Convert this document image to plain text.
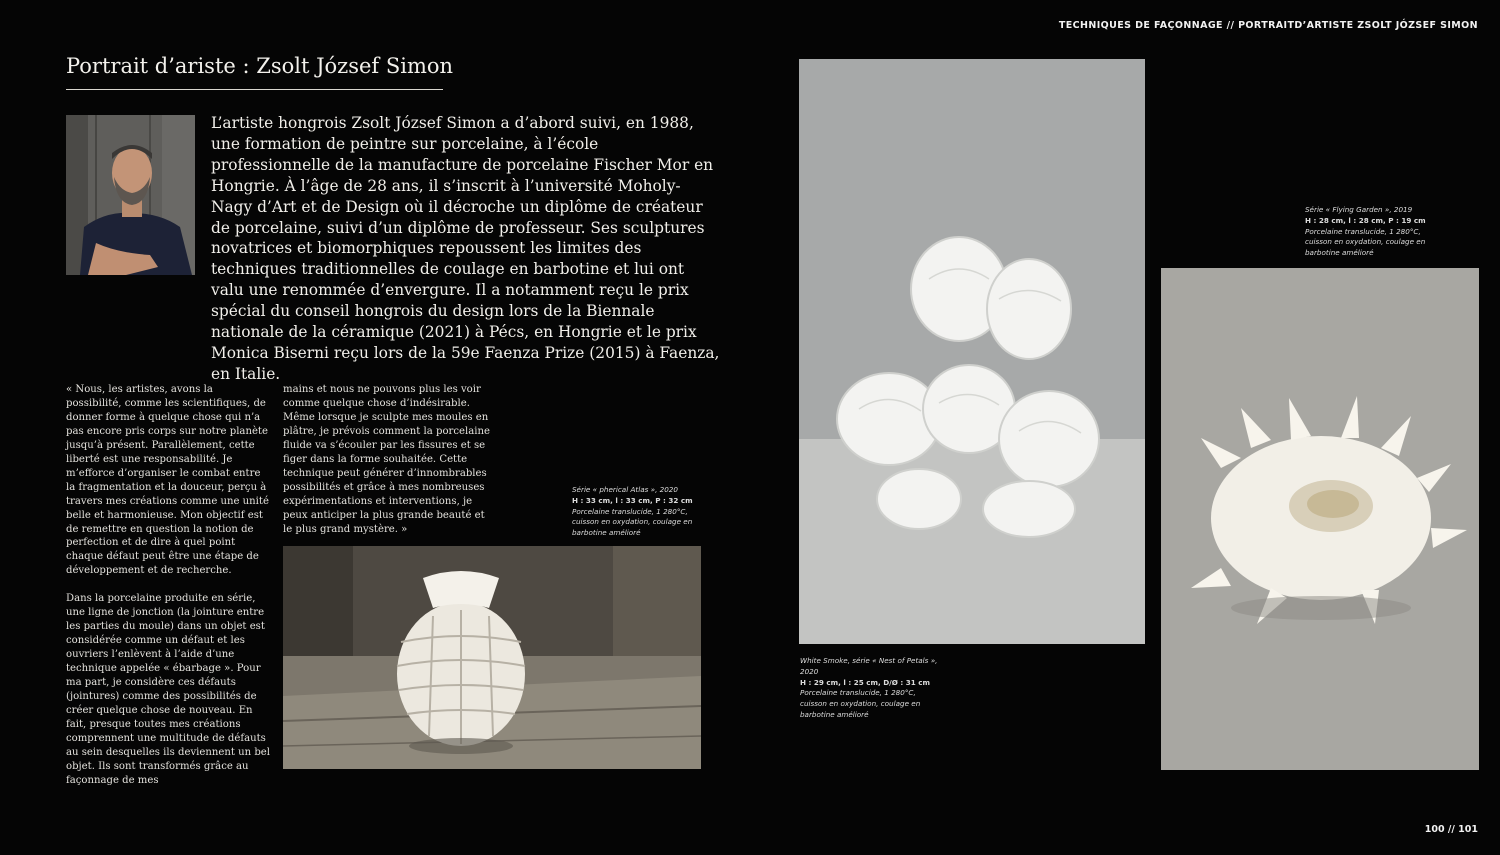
TECHNIQUES DE FAÇONNAGE // PORTRAITD’ARTISTE ZSOLT JÓZSEF SIMON
Portrait d’ariste : Zsolt József Simon

L’artiste hongrois Zsolt József Simon a d’abord suivi, en 1988, une formation de peintre sur porcelaine, à l’école professionnelle de la manufacture de porcelaine Fischer Mor en Hongrie. À l’âge de 28 ans, il s’inscrit à l’université Moholy-Nagy d’Art et de Design où il décroche un diplôme de créateur de porcelaine, suivi d’un diplôme de professeur. Ses sculptures novatrices et biomorphiques repoussent les limites des techniques traditionnelles de coulage en barbotine et lui ont valu une renommée d’envergure. Il a notamment reçu le prix spécial du conseil hongrois du design lors de la Biennale nationale de la céramique (2021) à Pécs, en Hongrie et le prix Monica Biserni reçu lors de la 59e Faenza Prize (2015) à Faenza, en Italie.

« Nous, les artistes, avons la possibilité, comme les scientifiques, de donner forme à quelque chose qui n’a pas encore pris corps sur notre planète jusqu’à présent. Parallèlement, cette liberté est une responsabilité. Je m’efforce d’organiser le combat entre la fragmentation et la douceur, perçu à travers mes créations comme une unité belle et harmonieuse. Mon objectif est de remettre en question la notion de perfection et de dire à quel point chaque défaut peut être une étape de développement et de recherche.

Dans la porcelaine produite en série, une ligne de jonction (la jointure entre les parties du moule) dans un objet est considérée comme un défaut et les ouvriers l’enlèvent à l’aide d’une technique appelée « ébarbage ». Pour ma part, je considère ces défauts (jointures) comme des possibilités de créer quelque chose de nouveau. En fait, presque toutes mes créations comprennent une multitude de défauts au sein desquelles ils deviennent un bel objet. Ils sont transformés grâce au façonnage de mes

mains et nous ne pouvons plus les voir comme quelque chose d’indésirable. Même lorsque je sculpte mes moules en plâtre, je prévois comment la porcelaine fluide va s’écouler par les fissures et se figer dans la forme souhaitée. Cette technique peut générer d’innombrables possibilités et grâce à mes nombreuses expérimentations et interventions, je peux anticiper la plus grande beauté et le plus grand mystère. »

Série « pherical Atlas », 2020
H : 33 cm, l : 33 cm, P : 32 cm
Porcelaine translucide, 1 280°C, cuisson en oxydation, coulage en barbotine amélioré
Série « Flying Garden », 2019
H : 28 cm, l : 28 cm, P : 19 cm
Porcelaine translucide, 1 280°C, cuisson en oxydation, coulage en barbotine amélioré
White Smoke, série « Nest of Petals », 2020
H : 29 cm, l : 25 cm, D/Ø : 31 cm
Porcelaine translucide, 1 280°C, cuisson en oxydation, coulage en barbotine amélioré
100 // 101
